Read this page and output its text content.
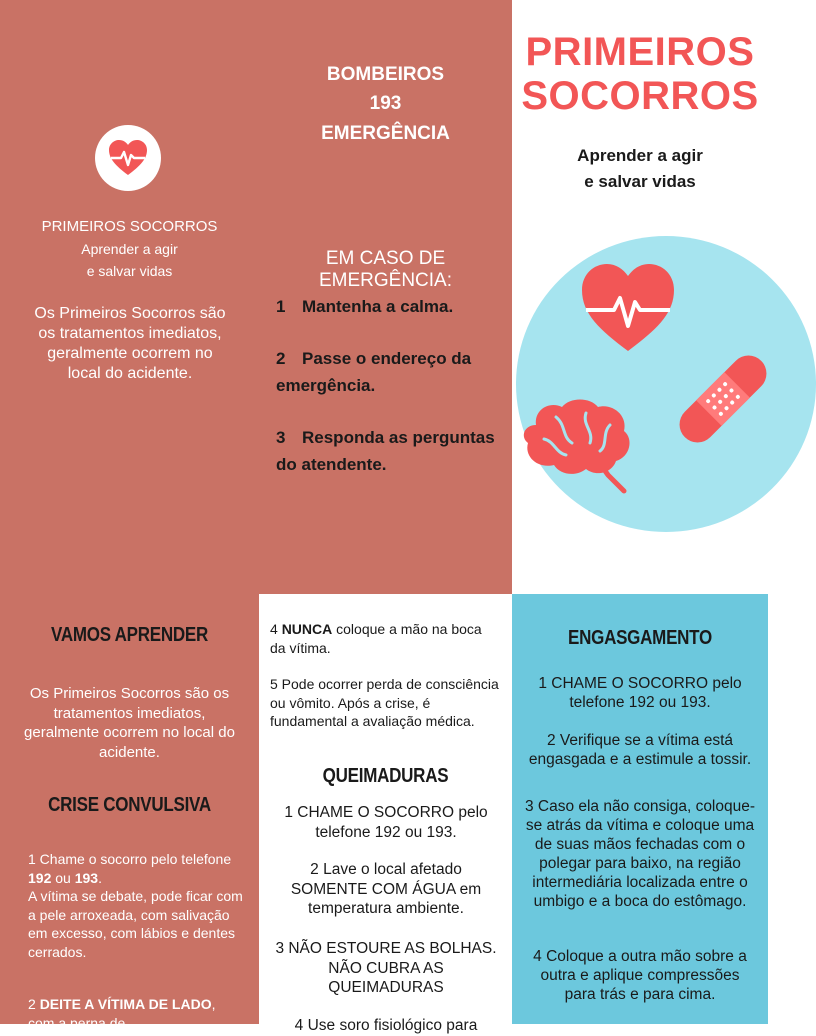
PRIMEIROS SOCORROS
Aprender a agir
e salvar vidas
Os Primeiros Socorros são os tratamentos imediatos, geralmente ocorrem no local do acidente.
BOMBEIROS
193
EMERGÊNCIA
EM CASO DE EMERGÊNCIA:
1 Mantenha a calma.
2 Passe o endereço da emergência.
3 Responda as perguntas do atendente.
PRIMEIROS
SOCORROS
Aprender a agir
e salvar vidas
VAMOS APRENDER
Os Primeiros Socorros são os tratamentos imediatos, geralmente ocorrem no local do acidente.
CRISE CONVULSIVA
1 Chame o socorro pelo telefone 192 ou 193.
A vítima se debate, pode ficar com a pele arroxeada, com salivação em excesso, com lábios e dentes cerrados.
2 DEITE A VÍTIMA DE LADO, com a perna de
4 NUNCA coloque a mão na boca da vítima.
5 Pode ocorrer perda de consciência ou vômito. Após a crise, é fundamental a avaliação médica.
QUEIMADURAS
1 CHAME O SOCORRO pelo telefone 192 ou 193.
2 Lave o local afetado SOMENTE COM ÁGUA em temperatura ambiente.
3 NÃO ESTOURE AS BOLHAS. NÃO CUBRA AS QUEIMADURAS
4 Use soro fisiológico para
ENGASGAMENTO
1 CHAME O SOCORRO pelo telefone 192 ou 193.
2 Verifique se a vítima está engasgada e a estimule a tossir.
3 Caso ela não consiga, coloque-se atrás da vítima e coloque uma de suas mãos fechadas com o polegar para baixo, na região intermediária localizada entre o umbigo e a boca do estômago.
4 Coloque a outra mão sobre a outra e aplique compressões para trás e para cima.
